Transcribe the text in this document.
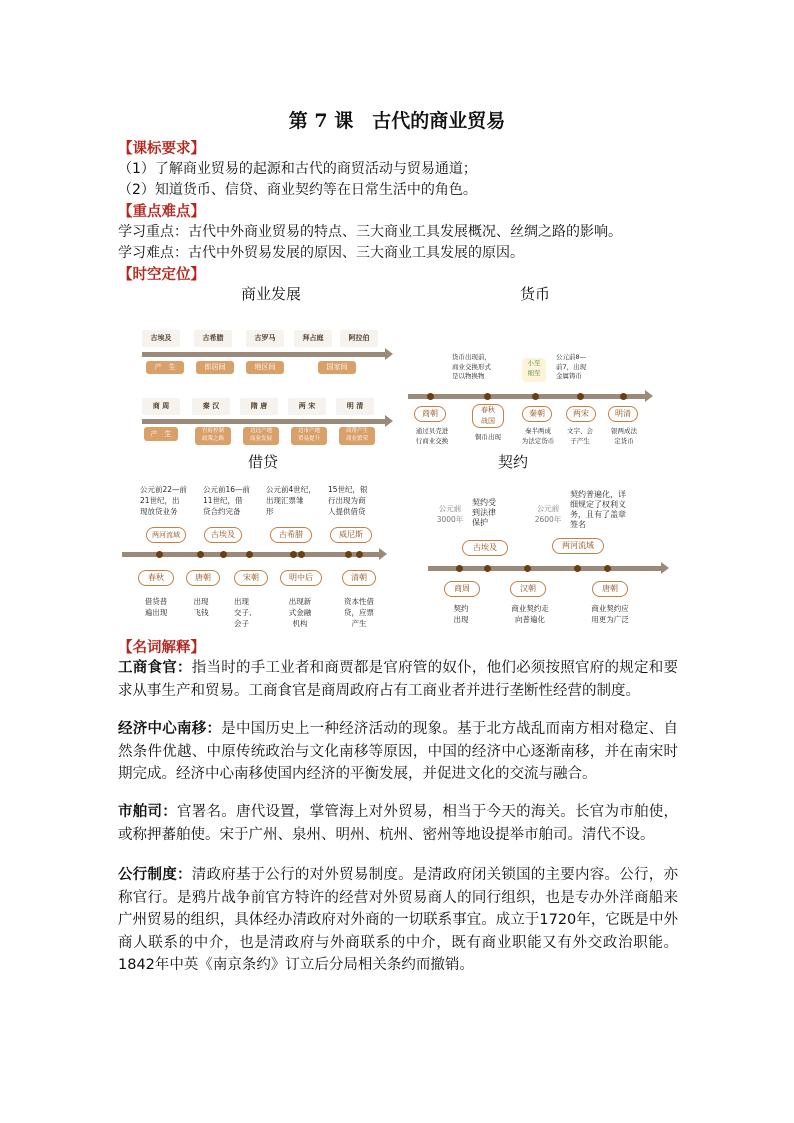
第 7 课　古代的商业贸易
【课标要求】
（1）了解商业贸易的起源和古代的商贸活动与贸易通道；
（2）知道货币、信贷、商业契约等在日常生活中的角色。
【重点难点】
学习重点：古代中外商业贸易的特点、三大商业工具发展概况、丝绸之路的影响。
学习难点：古代中外贸易发展的原因、三大商业工具发展的原因。
【时空定位】
商业发展
古埃及	古希腊	古罗马	拜占庭	阿拉伯
产　生	郎居间	地区间	国家间
商 周	秦 汉	隋 唐	两 宋	明 清
产　生	官府控制
政策之路
边远产地
商业发展
边市产地
贸易提升
商帮产生
商业繁荣
货币
货币出现前，
商业交换形式
是以物换物
小至
细至
公元前8—
前7，出现
金属铸币
商朝	春秋
战国
秦朝	两宋	明清
通过贝壳进
行商业交换	铜币出现
秦半两成
为法定货币
文字、会
子产生
银两成法
定货币
借贷
公元前22—前
21世纪，出
现放贷业务
公元前16—前
11世纪，借
贷合约完备
公元前4世纪，
出现汇票雏
形
15世纪，银
行出现为商
人提供借贷
两河流域	古埃及	古希腊	威尼斯
春秋	唐朝	宋朝	明中后	清朝
借贷普
遍出现
出现
飞钱
出现
交子、
会子
出现新
式金融
机构
资本性借
贷，应票
产生
契约
公元前
3000年
契约受
到法律
保护
公元前
2600年
契约普遍化，详
细规定了权利义
务，且有了盖章
签名
古埃及	两河流域
商周	汉朝	唐朝
契约
出现
商业契约走
向普遍化
商业契约应
用更为广泛
【名词解释】
工商食官：指当时的手工业者和商贾都是官府管的奴仆，他们必须按照官府的规定和要求从事生产和贸易。工商食官是商周政府占有工商业者并进行垄断性经营的制度。
经济中心南移：是中国历史上一种经济活动的现象。基于北方战乱而南方相对稳定、自然条件优越、中原传统政治与文化南移等原因，中国的经济中心逐渐南移，并在南宋时期完成。经济中心南移使国内经济的平衡发展，并促进文化的交流与融合。
市舶司：官署名。唐代设置，掌管海上对外贸易，相当于今天的海关。长官为市舶使，或称押蕃舶使。宋于广州、泉州、明州、杭州、密州等地设提举市舶司。清代不设。
公行制度：清政府基于公行的对外贸易制度。是清政府闭关锁国的主要内容。公行，亦称官行。是鸦片战争前官方特许的经营对外贸易商人的同行组织，也是专办外洋商船来广州贸易的组织，具体经办清政府对外商的一切联系事宜。成立于1720年，它既是中外商人联系的中介，也是清政府与外商联系的中介，既有商业职能又有外交政治职能。1842年中英《南京条约》订立后分局相关条约而撤销。
